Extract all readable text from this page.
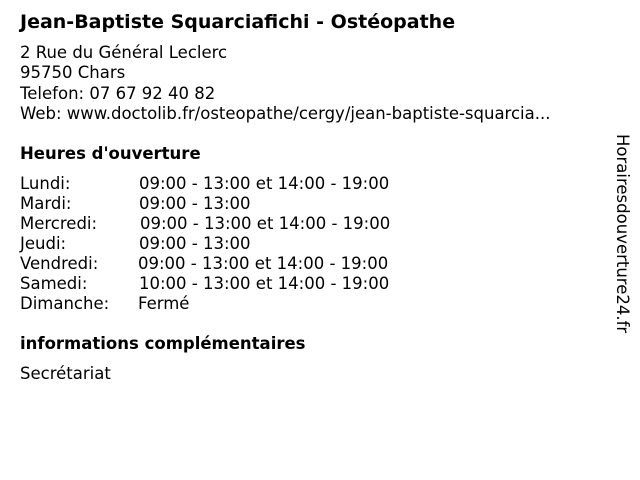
Jean-Baptiste Squarciafichi - Ostéopathe
2 Rue du Général Leclerc
95750 Chars
Telefon: 07 67 92 40 82
Web: www.doctolib.fr/osteopathe/cergy/jean-baptiste-squarcia...
Heures d'ouverture
Lundi:	09:00 - 13:00 et 14:00 - 19:00
Mardi:	09:00 - 13:00
Mercredi:	09:00 - 13:00 et 14:00 - 19:00
Jeudi:	09:00 - 13:00
Vendredi: 09:00 - 13:00 et 14:00 - 19:00
Samedi:	10:00 - 13:00 et 14:00 - 19:00
Dimanche: Fermé
informations complémentaires
Secrétariat
Horairesdouverture24.fr
